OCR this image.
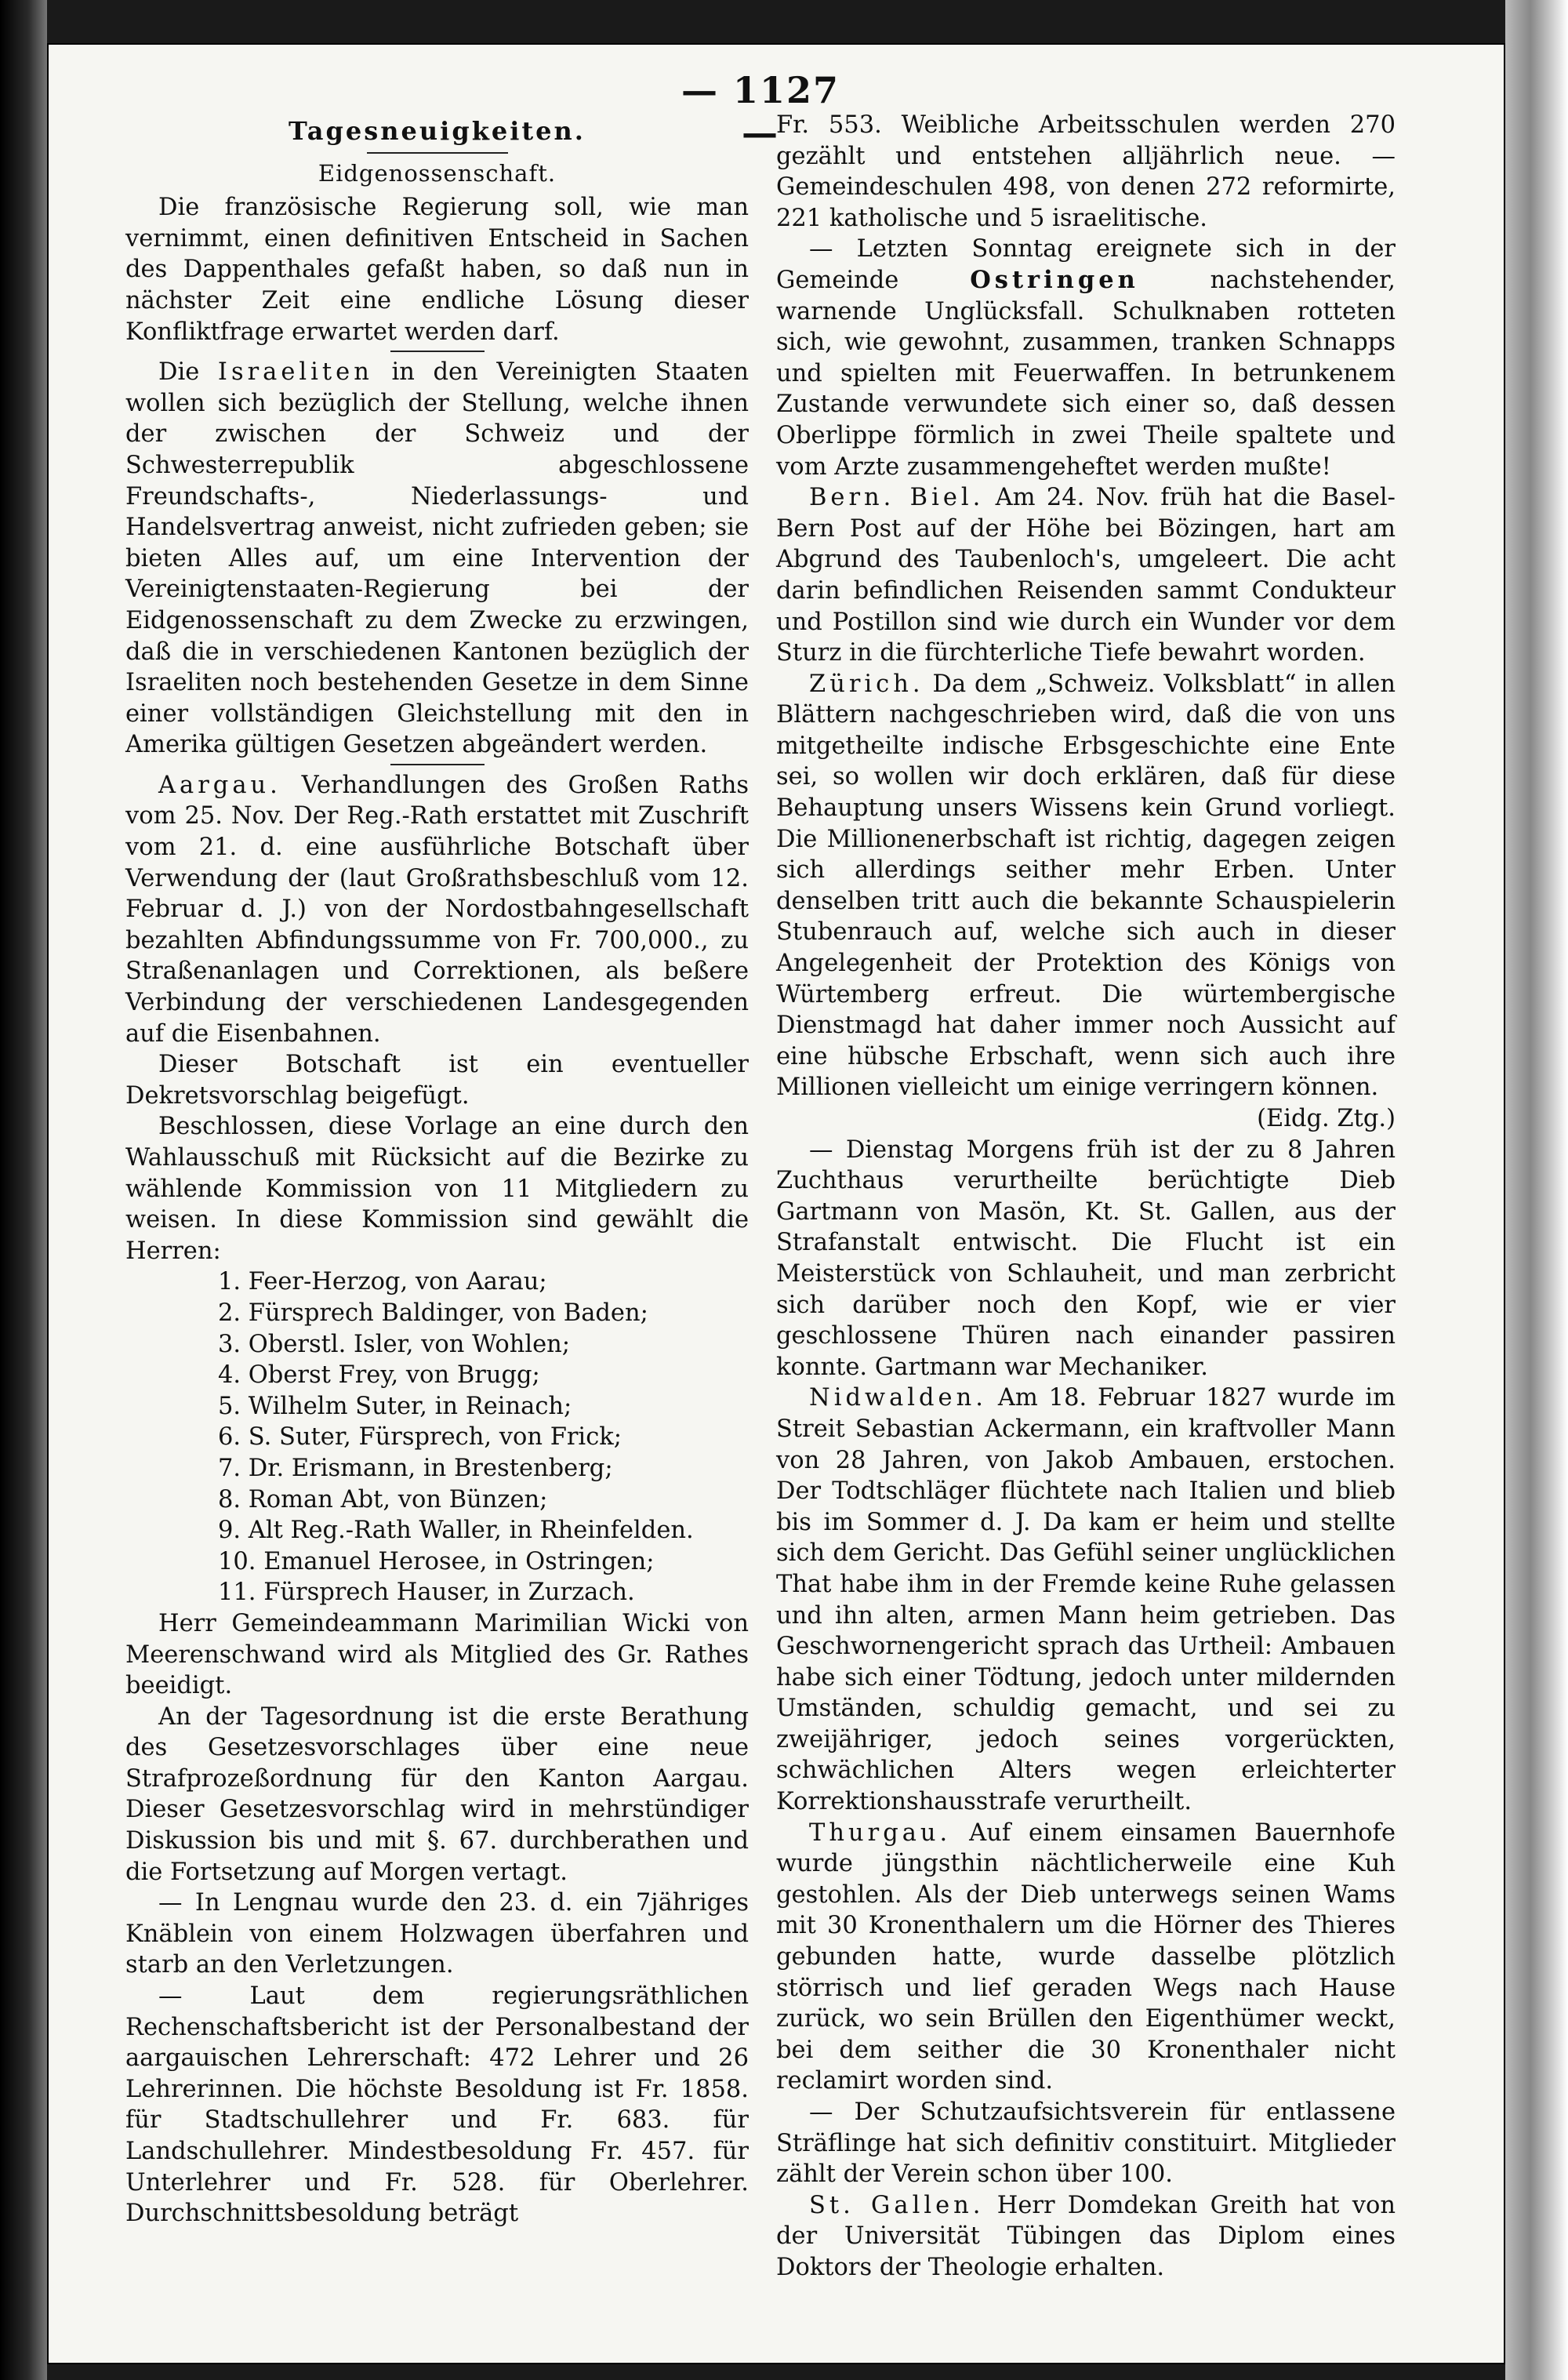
— 1127 —
Tagesneuigkeiten.
Eidgenossenschaft.

Die französische Regierung soll, wie man vernimmt, einen definitiven Entscheid in Sachen des Dappenthales gefaßt haben, so daß nun in nächster Zeit eine endliche Lösung dieser Konfliktfrage erwartet werden darf.

Die Israeliten in den Vereinigten Staaten wollen sich bezüglich der Stellung, welche ihnen der zwischen der Schweiz und der Schwesterrepublik abgeschlossene Freundschafts-, Niederlassungs- und Handelsvertrag anweist, nicht zufrieden geben; sie bieten Alles auf, um eine Intervention der Vereinigtenstaaten-Regierung bei der Eidgenossenschaft zu dem Zwecke zu erzwingen, daß die in verschiedenen Kantonen bezüglich der Israeliten noch bestehenden Gesetze in dem Sinne einer vollständigen Gleichstellung mit den in Amerika gültigen Gesetzen abgeändert werden.

Aargau. Verhandlungen des Großen Raths vom 25. Nov. Der Reg.-Rath erstattet mit Zuschrift vom 21. d. eine ausführliche Botschaft über Verwendung der (laut Großrathsbeschluß vom 12. Februar d. J.) von der Nordostbahngesellschaft bezahlten Abfindungssumme von Fr. 700,000., zu Straßenanlagen und Correktionen, als beßere Verbindung der verschiedenen Landesgegenden auf die Eisenbahnen.

Dieser Botschaft ist ein eventueller Dekretsvorschlag beigefügt.

Beschlossen, diese Vorlage an eine durch den Wahlausschuß mit Rücksicht auf die Bezirke zu wählende Kommission von 11 Mitgliedern zu weisen. In diese Kommission sind gewählt die Herren:

1. Feer-Herzog, von Aarau;
2. Fürsprech Baldinger, von Baden;
3. Oberstl. Isler, von Wohlen;
4. Oberst Frey, von Brugg;
5. Wilhelm Suter, in Reinach;
6. S. Suter, Fürsprech, von Frick;
7. Dr. Erismann, in Brestenberg;
8. Roman Abt, von Bünzen;
9. Alt Reg.-Rath Waller, in Rheinfelden.
10. Emanuel Herosee, in Ostringen;
11. Fürsprech Hauser, in Zurzach.

Herr Gemeindeammann Marimilian Wicki von Meerenschwand wird als Mitglied des Gr. Rathes beeidigt.

An der Tagesordnung ist die erste Berathung des Gesetzesvorschlages über eine neue Strafprozeßordnung für den Kanton Aargau. Dieser Gesetzesvorschlag wird in mehrstündiger Diskussion bis und mit §. 67. durchberathen und die Fortsetzung auf Morgen vertagt.

— In Lengnau wurde den 23. d. ein 7jähriges Knäblein von einem Holzwagen überfahren und starb an den Verletzungen.

— Laut dem regierungsräthlichen Rechenschaftsbericht ist der Personalbestand der aargauischen Lehrerschaft: 472 Lehrer und 26 Lehrerinnen. Die höchste Besoldung ist Fr. 1858. für Stadtschullehrer und Fr. 683. für Landschullehrer. Mindestbesoldung Fr. 457. für Unterlehrer und Fr. 528. für Oberlehrer. Durchschnittsbesoldung beträgt

Fr. 553. Weibliche Arbeitsschulen werden 270 gezählt und entstehen alljährlich neue. — Gemeindeschulen 498, von denen 272 reformirte, 221 katholische und 5 israelitische.

— Letzten Sonntag ereignete sich in der Gemeinde	Ostringen	nachstehender, warnende Unglücksfall. Schulknaben rotteten sich, wie gewohnt, zusammen, tranken Schnapps und spielten mit Feuerwaffen. In betrunkenem Zustande verwundete sich einer so, daß dessen Oberlippe förmlich in zwei Theile spaltete und vom Arzte zusammengeheftet werden mußte!

Bern. Biel. Am 24. Nov. früh hat die Basel-Bern Post auf der Höhe bei Bözingen, hart am Abgrund des Taubenloch's, umgeleert. Die acht darin befindlichen Reisenden sammt Condukteur und Postillon sind wie durch ein Wunder vor dem Sturz in die fürchterliche Tiefe bewahrt worden.

Zürich. Da dem „Schweiz. Volksblatt“ in allen Blättern nachgeschrieben wird, daß die von uns mitgetheilte indische Erbsgeschichte eine Ente sei, so wollen wir doch erklären, daß für diese Behauptung unsers Wissens kein Grund vorliegt. Die Millionenerbschaft ist richtig, dagegen zeigen sich allerdings seither mehr Erben. Unter denselben tritt auch die bekannte Schauspielerin Stubenrauch auf, welche sich auch in dieser Angelegenheit der Protektion des Königs von Würtemberg erfreut. Die würtembergische Dienstmagd hat daher immer noch Aussicht auf eine hübsche Erbschaft, wenn sich auch ihre Millionen vielleicht um einige verringern können.
(Eidg. Ztg.)

— Dienstag Morgens früh ist der zu 8 Jahren Zuchthaus verurtheilte berüchtigte Dieb Gartmann von Masön, Kt. St. Gallen, aus der Strafanstalt entwischt. Die Flucht ist ein Meisterstück von Schlauheit, und man zerbricht sich darüber noch den Kopf, wie er vier geschlossene Thüren nach einander passiren konnte. Gartmann war Mechaniker.

Nidwalden. Am 18. Februar 1827 wurde im Streit Sebastian Ackermann, ein kraftvoller Mann von 28 Jahren, von Jakob Ambauen, erstochen. Der Todtschläger flüchtete nach Italien und blieb bis im Sommer d. J. Da kam er heim und stellte sich dem Gericht. Das Gefühl seiner unglücklichen That habe ihm in der Fremde keine Ruhe gelassen und ihn alten, armen Mann heim getrieben. Das Geschwornengericht sprach das Urtheil: Ambauen habe sich einer Tödtung, jedoch unter mildernden Umständen, schuldig gemacht, und sei zu zweijähriger, jedoch seines vorgerückten, schwächlichen Alters wegen erleichterter Korrektionshausstrafe verurtheilt.

Thurgau. Auf einem einsamen Bauernhofe wurde jüngsthin nächtlicherweile eine Kuh gestohlen. Als der Dieb unterwegs seinen Wams mit 30 Kronenthalern um die Hörner des Thieres gebunden hatte, wurde dasselbe plötzlich störrisch und lief geraden Wegs nach Hause zurück, wo sein Brüllen den Eigenthümer weckt, bei dem seither die 30 Kronenthaler nicht reclamirt worden sind.

— Der Schutzaufsichtsverein für entlassene Sträflinge hat sich definitiv constituirt. Mitglieder zählt der Verein schon über 100.

St. Gallen. Herr Domdekan Greith hat von der Universität Tübingen das Diplom eines Doktors der Theologie erhalten.
